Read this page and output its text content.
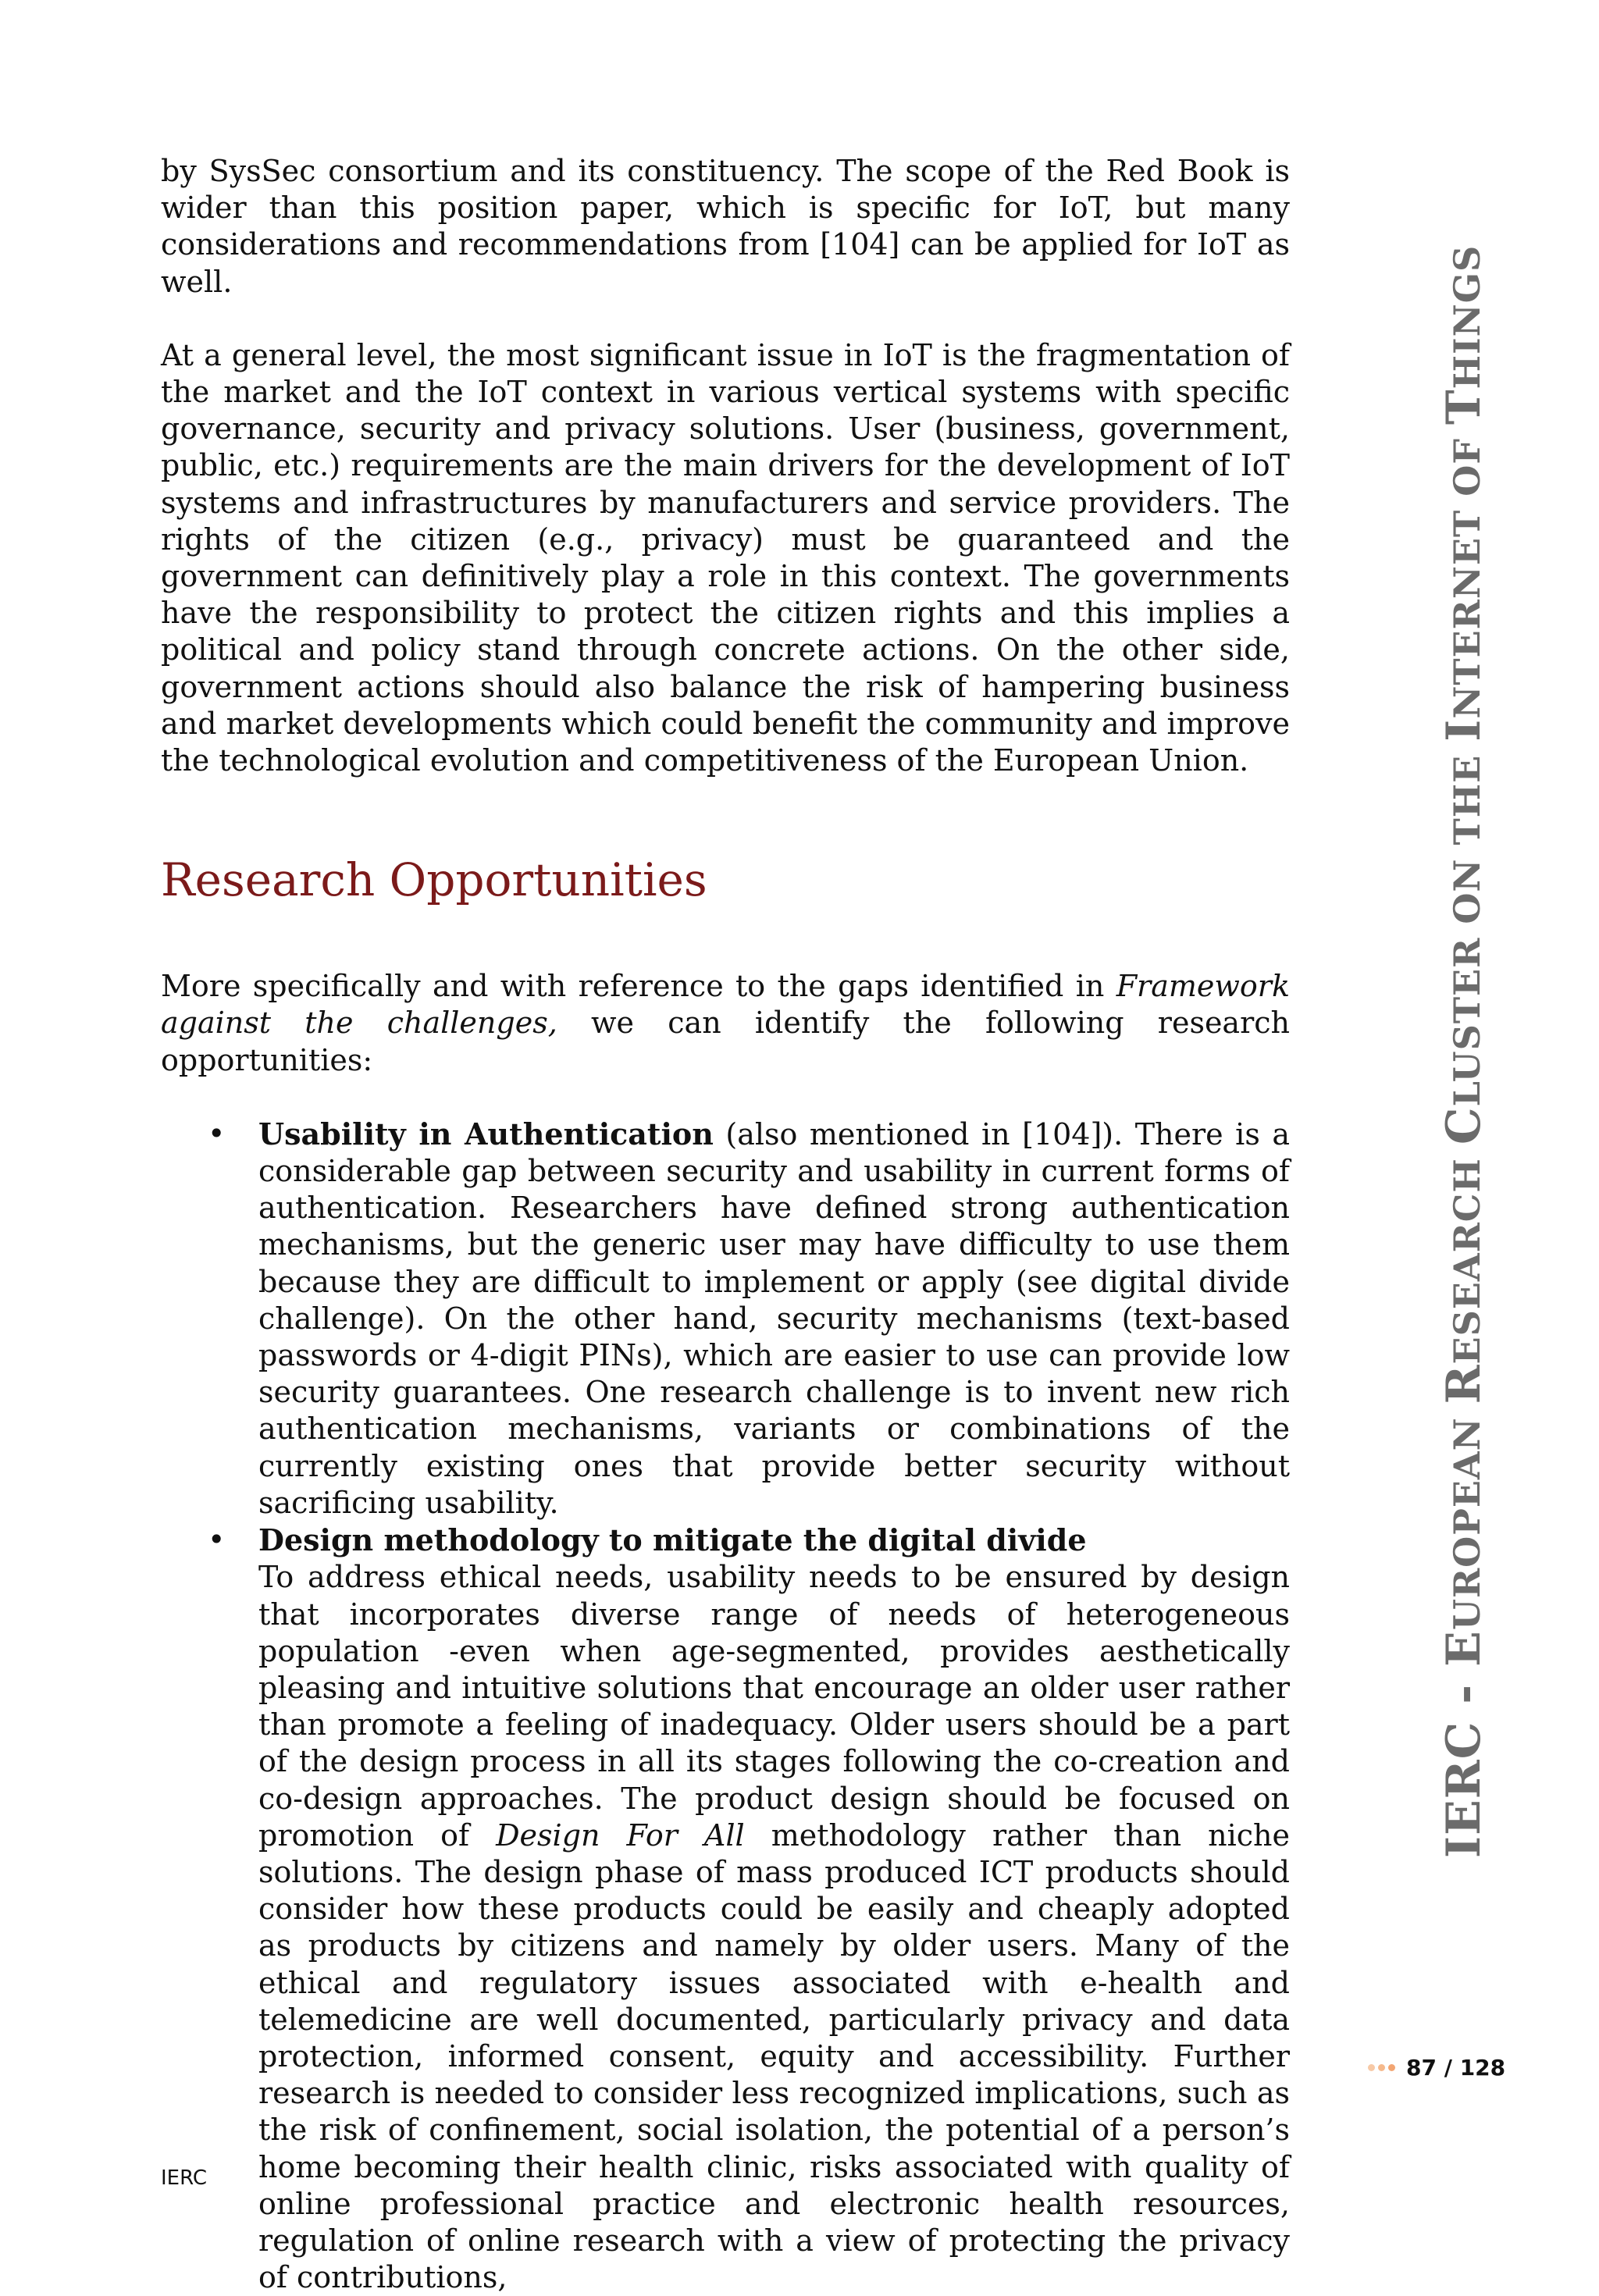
by SysSec consortium and its constituency. The scope of the Red Book is wider than this position paper, which is specific for IoT, but many considerations and recommendations from [104] can be applied for IoT as well.

At a general level, the most significant issue in IoT is the fragmentation of the market and the IoT context in various vertical systems with specific governance, security and privacy solutions. User (business, government, public, etc.) requirements are the main drivers for the development of IoT systems and infrastructures by manufacturers and service providers. The rights of the citizen (e.g., privacy) must be guaranteed and the government can definitively play a role in this context. The governments have the responsibility to protect the citizen rights and this implies a political and policy stand through concrete actions. On the other side, government actions should also balance the risk of hampering business and market developments which could benefit the community and improve the technological evolution and competitiveness of the European Union.

Research Opportunities

More specifically and with reference to the gaps identified in Framework against the challenges, we can identify the following research opportunities:

• Usability in Authentication (also mentioned in [104]). There is a considerable gap between security and usability in current forms of authentication. Researchers have defined strong authentication mechanisms, but the generic user may have difficulty to use them because they are difficult to implement or apply (see digital divide challenge). On the other hand, security mechanisms (text-based passwords or 4-digit PINs), which are easier to use can provide low security guarantees. One research challenge is to invent new rich authentication mechanisms, variants or combinations of the currently existing ones that provide better security without sacrificing usability.

• Design methodology to mitigate the digital divide

To address ethical needs, usability needs to be ensured by design that incorporates diverse range of needs of heterogeneous population -even when age-segmented, provides aesthetically pleasing and intuitive solutions that encourage an older user rather than promote a feeling of inadequacy. Older users should be a part of the design process in all its stages following the co-creation and co-design approaches. The product design should be focused on promotion of Design For All methodology rather than niche solutions. The design phase of mass produced ICT products should consider how these products could be easily and cheaply adopted as products by citizens and namely by older users. Many of the ethical and regulatory issues associated with e-health and telemedicine are well documented, particularly privacy and data protection, informed consent, equity and accessibility. Further research is needed to consider less recognized implications, such as the risk of confinement, social isolation, the potential of a person’s home becoming their health clinic, risks associated with quality of online professional practice and electronic health resources, regulation of online research with a view of protecting the privacy of contributions,

IERC - EUROPEAN RESEARCH CLUSTER ON THE INTERNET OF THINGS
87 / 128
IERC
